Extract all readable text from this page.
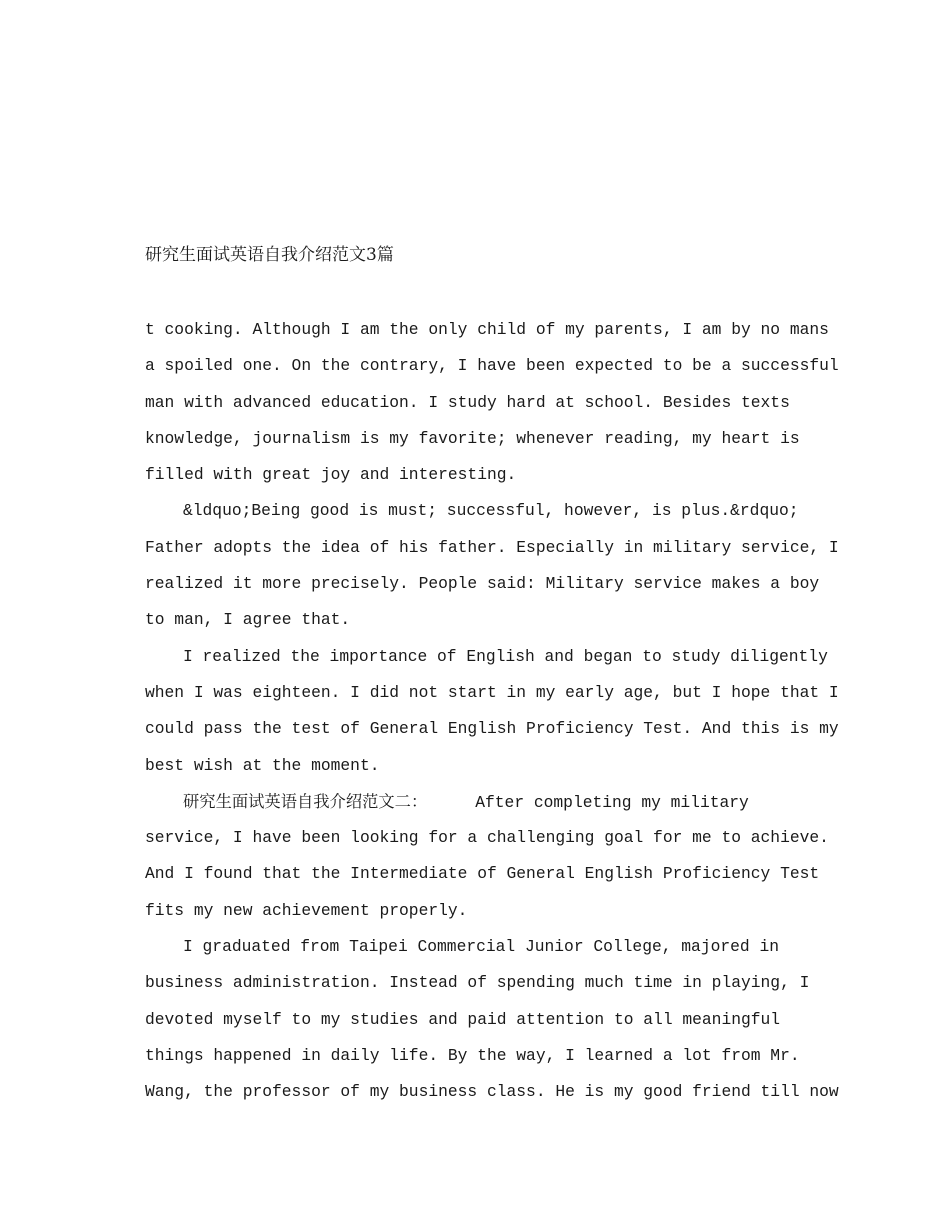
研究生面试英语自我介绍范文3篇
t cooking. Although I am the only child of my parents, I am by no mans
a spoiled one. On the contrary, I have been expected to be a successful
man with advanced education. I study hard at school. Besides texts
knowledge, journalism is my favorite; whenever reading, my heart is
filled with great joy and interesting.
&ldquo;Being good is must; successful, however, is plus.&rdquo;
Father adopts the idea of his father. Especially in military service, I
realized it more precisely. People said: Military service makes a boy
to man, I agree that.
I realized the importance of English and began to study diligently
when I was eighteen. I did not start in my early age, but I hope that I
could pass the test of General English Proficiency Test. And this is my
best wish at the moment.
研究生面试英语自我介绍范文二：	After completing my military
service, I have been looking for a challenging goal for me to achieve.
And I found that the Intermediate of General English Proficiency Test
fits my new achievement properly.
I graduated from Taipei Commercial Junior College, majored in
business administration. Instead of spending much time in playing, I
devoted myself to my studies and paid attention to all meaningful
things happened in daily life. By the way, I learned a lot from Mr.
Wang, the professor of my business class. He is my good friend till now
